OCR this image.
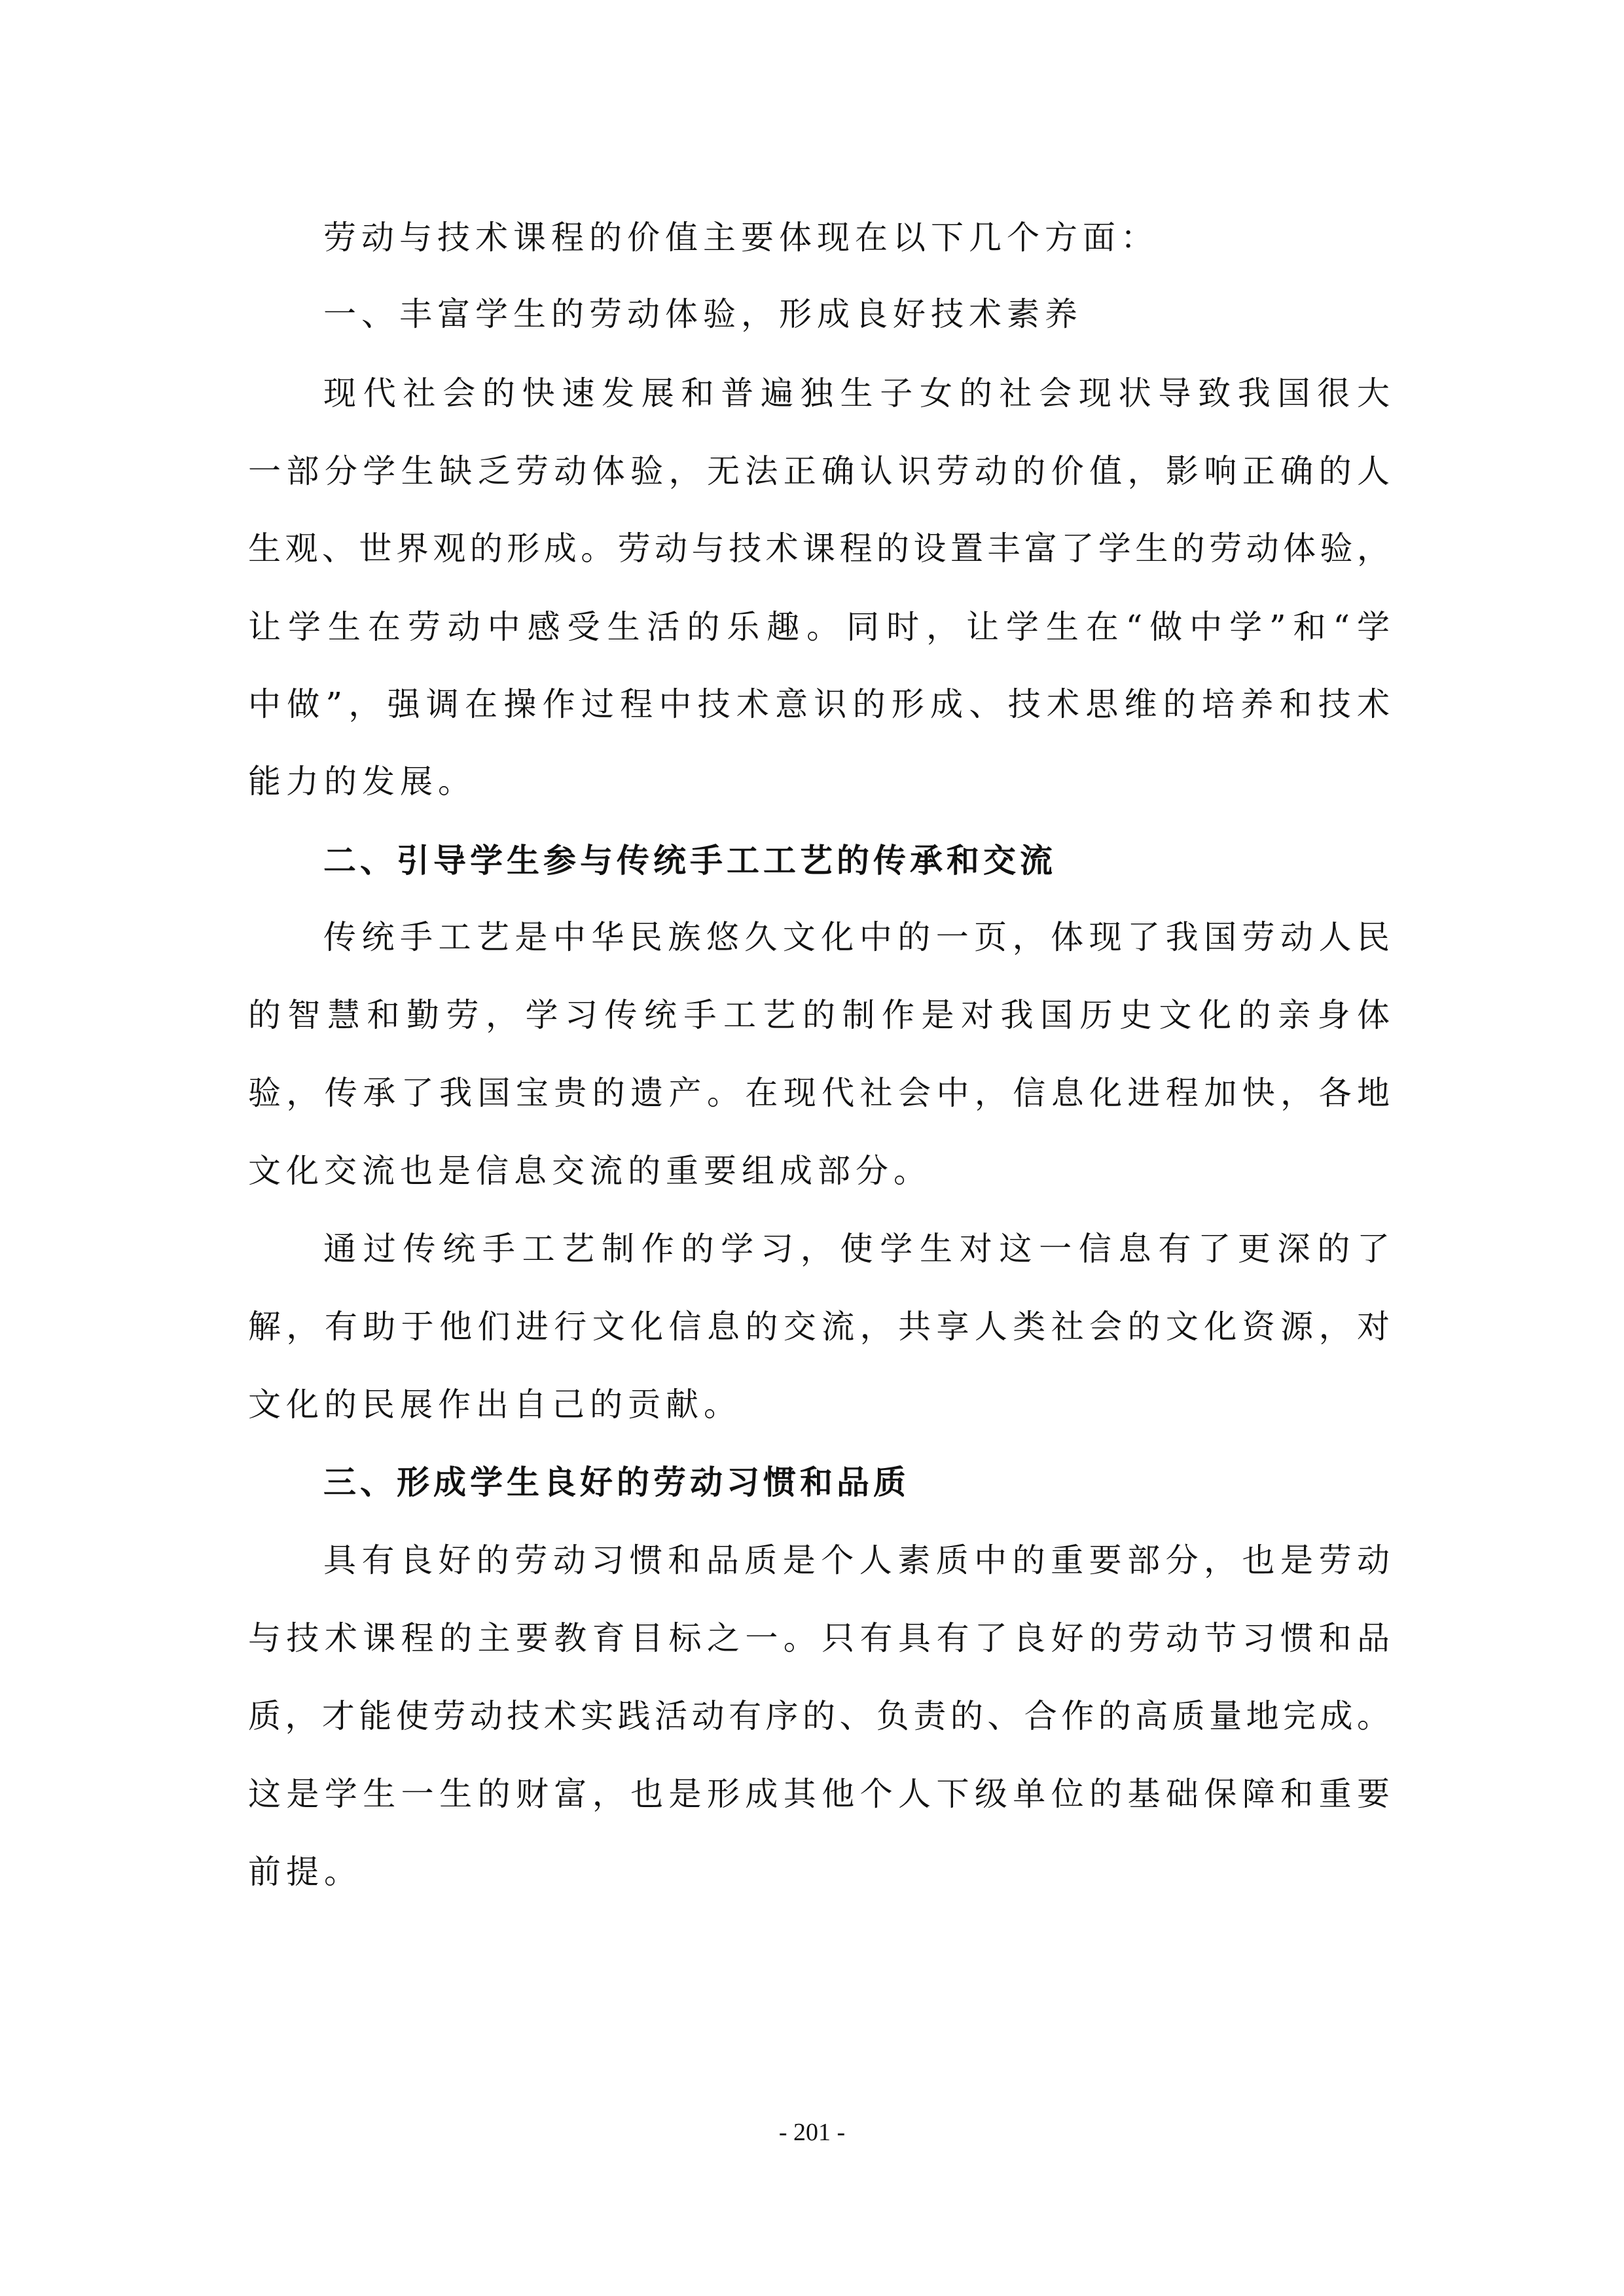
劳动与技术课程的价值主要体现在以下几个方面：
一、丰富学生的劳动体验，形成良好技术素养
现代社会的快速发展和普遍独生子女的社会现状导致我国很大
一部分学生缺乏劳动体验，无法正确认识劳动的价值，影响正确的人
生观、世界观的形成。劳动与技术课程的设置丰富了学生的劳动体验，
让学生在劳动中感受生活的乐趣。同时，让学生在“做中学”和“学
中做”，强调在操作过程中技术意识的形成、技术思维的培养和技术
能力的发展。
二、引导学生参与传统手工工艺的传承和交流
传统手工艺是中华民族悠久文化中的一页，体现了我国劳动人民
的智慧和勤劳，学习传统手工艺的制作是对我国历史文化的亲身体
验，传承了我国宝贵的遗产。在现代社会中，信息化进程加快，各地
文化交流也是信息交流的重要组成部分。
通过传统手工艺制作的学习，使学生对这一信息有了更深的了
解，有助于他们进行文化信息的交流，共享人类社会的文化资源，对
文化的民展作出自己的贡献。
三、形成学生良好的劳动习惯和品质
具有良好的劳动习惯和品质是个人素质中的重要部分，也是劳动
与技术课程的主要教育目标之一。只有具有了良好的劳动节习惯和品
质，才能使劳动技术实践活动有序的、负责的、合作的高质量地完成。
这是学生一生的财富，也是形成其他个人下级单位的基础保障和重要
前提。
- 201 -
